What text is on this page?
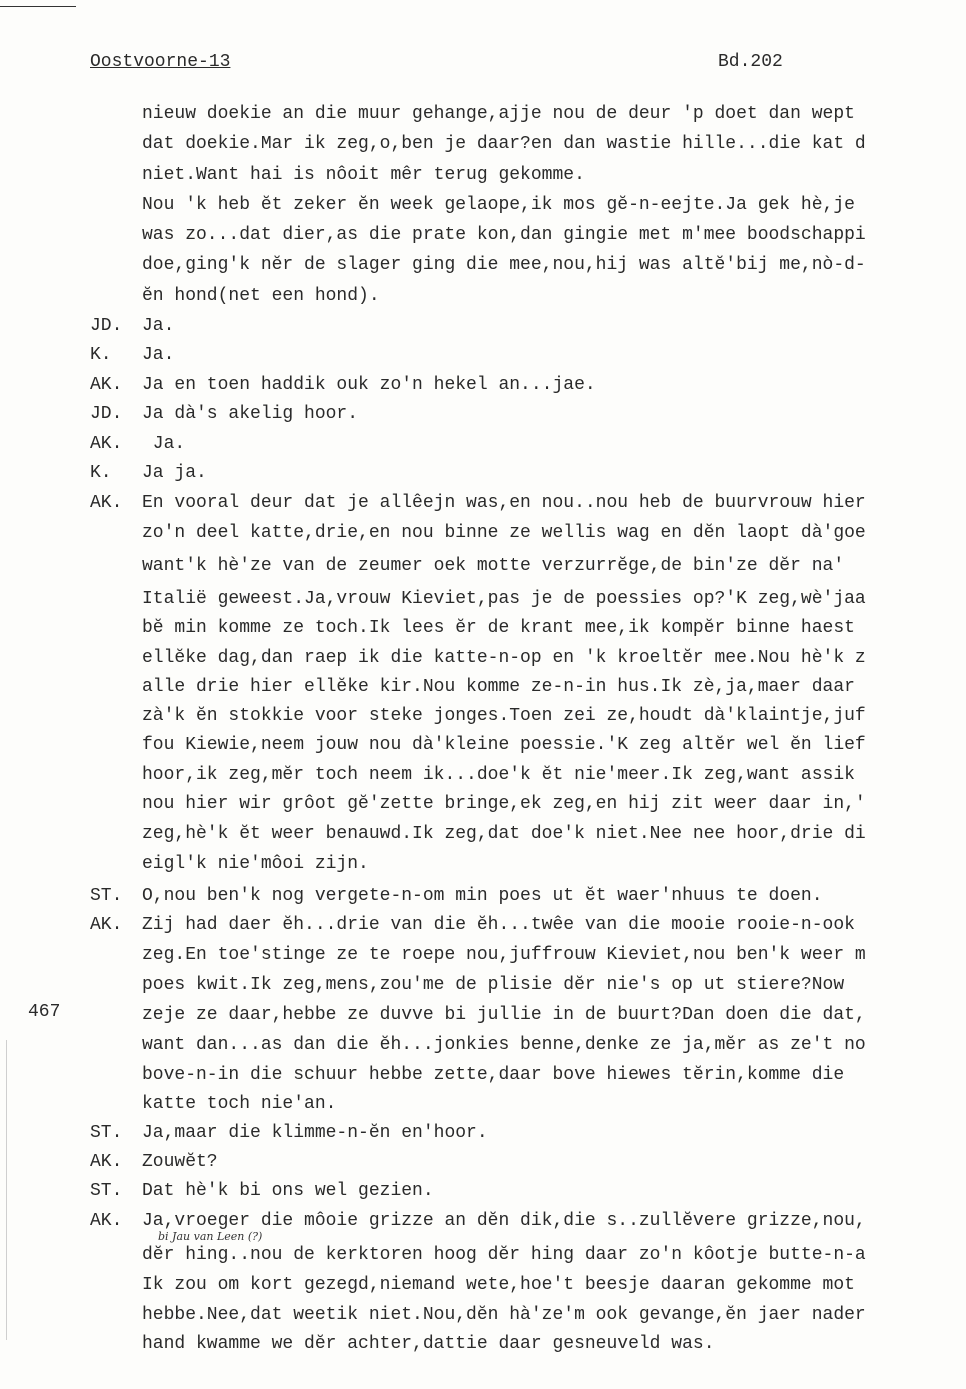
Oostvoorne-13	Bd.202
467
bi Jau van Leen (?)
nieuw doekie an die muur gehange,ajje nou de deur 'p doet dan wept
dat doekie.Mar ik zeg,o,ben je daar?en dan wastie hille...die kat d
niet.Want hai is nôoit mêr terug gekomme.
Nou 'k heb ĕt zeker ĕn week gelaope,ik mos gĕ-n-eejte.Ja gek hè,je
was zo...dat dier,as die prate kon,dan gingie met m'mee boodschappi
doe,ging'k nĕr de slager ging die mee,nou,hij was altĕ'bij me,nò-d-
ĕn hond(net een hond).
JD. Ja.
K. Ja.
AK. Ja en toen haddik ouk zo'n hekel an...jae.
JD. Ja dà's akelig hoor.
AK. Ja.
K. Ja ja.
AK. En vooral deur dat je allêejn was,en nou..nou heb de buurvrouw hier
zo'n deel katte,drie,en nou binne ze wellis wag en dĕn laopt dà'goe
want'k hè'ze van de zeumer oek motte verzurrĕge,de bin'ze dĕr na'
Italië geweest.Ja,vrouw Kieviet,pas je de poessies op?'K zeg,wè'jaa
bĕ min komme ze toch.Ik lees ĕr de krant mee,ik kompĕr binne haest
ellĕke dag,dan raep ik die katte-n-op en 'k kroeltĕr mee.Nou hè'k z
alle drie hier ellĕke kir.Nou komme ze-n-in hus.Ik zè,ja,maer daar
zà'k ĕn stokkie voor steke jonges.Toen zei ze,houdt dà'klaintje,juf
fou Kiewie,neem jouw nou dà'kleine poessie.'K zeg altĕr wel ĕn lief
hoor,ik zeg,mĕr toch neem ik...doe'k ĕt nie'meer.Ik zeg,want assik
nou hier wir grôot gĕ'zette bringe,ek zeg,en hij zit weer daar in,'
zeg,hè'k ĕt weer benauwd.Ik zeg,dat doe'k niet.Nee nee hoor,drie di
eigl'k nie'môoi zijn.
ST. O,nou ben'k nog vergete-n-om min poes ut ĕt waer'nhuus te doen.
AK. Zij had daer ĕh...drie van die ĕh...twêe van die mooie rooie-n-ook
zeg.En toe'stinge ze te roepe nou,juffrouw Kieviet,nou ben'k weer m
poes kwit.Ik zeg,mens,zou'me de plisie dĕr nie's op ut stiere?Now
zeje ze daar,hebbe ze duvve bi jullie in de buurt?Dan doen die dat,
want dan...as dan die ĕh...jonkies benne,denke ze ja,mĕr as ze't no
bove-n-in die schuur hebbe zette,daar bove hiewes tĕrin,komme die
katte toch nie'an.
ST. Ja,maar die klimme-n-ĕn en'hoor.
AK. Zouwĕt?
ST. Dat hè'k bi ons wel gezien.
AK. Ja,vroeger die môoie grizze an dĕn dik,die s..zullĕvere grizze,nou,
dĕr hing..nou de kerktoren hoog dĕr hing daar zo'n kôotje butte-n-a
Ik zou om kort gezegd,niemand wete,hoe't beesje daaran gekomme mot
hebbe.Nee,dat weetik niet.Nou,dĕn hà'ze'm ook gevange,ĕn jaer nader
hand kwamme we dĕr achter,dattie daar gesneuveld was.
